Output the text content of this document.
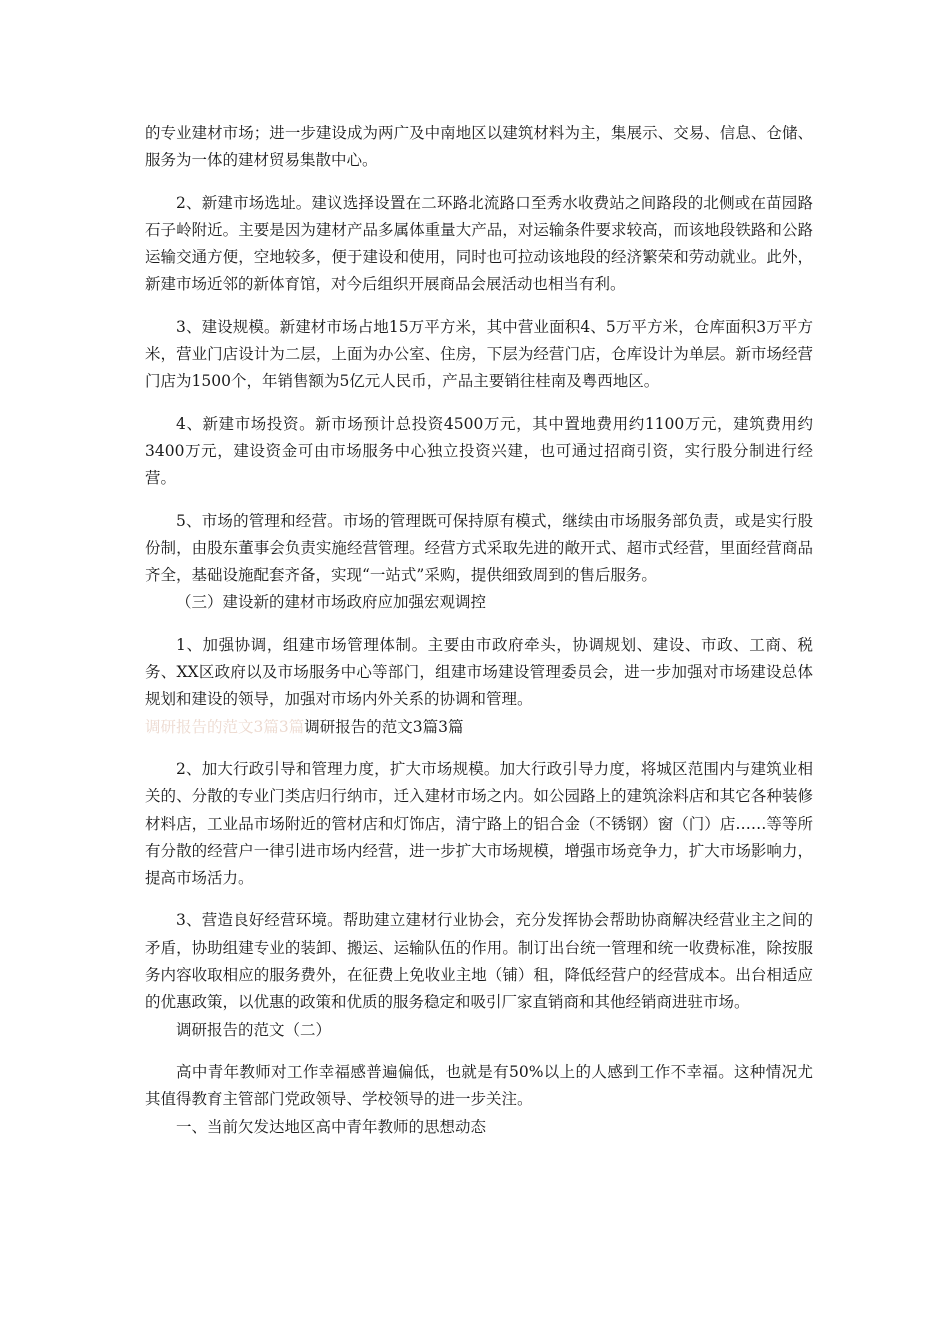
的专业建材市场；进一步建设成为两广及中南地区以建筑材料为主，集展示、交易、信息、仓储、服务为一体的建材贸易集散中心。

2、新建市场选址。建议选择设置在二环路北流路口至秀水收费站之间路段的北侧或在苗园路石子岭附近。主要是因为建材产品多属体重量大产品，对运输条件要求较高，而该地段铁路和公路运输交通方便，空地较多，便于建设和使用，同时也可拉动该地段的经济繁荣和劳动就业。此外，新建市场近邻的新体育馆，对今后组织开展商品会展活动也相当有利。

3、建设规模。新建材市场占地15万平方米，其中营业面积4、5万平方米，仓库面积3万平方米，营业门店设计为二层，上面为办公室、住房，下层为经营门店，仓库设计为单层。新市场经营门店为1500个，年销售额为5亿元人民币，产品主要销往桂南及粤西地区。

4、新建市场投资。新市场预计总投资4500万元，其中置地费用约1100万元，建筑费用约3400万元，建设资金可由市场服务中心独立投资兴建，也可通过招商引资，实行股分制进行经营。

5、市场的管理和经营。市场的管理既可保持原有模式，继续由市场服务部负责，或是实行股份制，由股东董事会负责实施经营管理。经营方式采取先进的敞开式、超市式经营，里面经营商品齐全，基础设施配套齐备，实现“一站式”采购，提供细致周到的售后服务。

（三）建设新的建材市场政府应加强宏观调控

1、加强协调，组建市场管理体制。主要由市政府牵头，协调规划、建设、市政、工商、税务、XX区政府以及市场服务中心等部门，组建市场建设管理委员会，进一步加强对市场建设总体规划和建设的领导，加强对市场内外关系的协调和管理。

调研报告的范文3篇3篇调研报告的范文3篇3篇

2、加大行政引导和管理力度，扩大市场规模。加大行政引导力度，将城区范围内与建筑业相关的、分散的专业门类店归行纳市，迁入建材市场之内。如公园路上的建筑涂料店和其它各种装修材料店，工业品市场附近的管材店和灯饰店，清宁路上的铝合金（不锈钢）窗（门）店……等等所有分散的经营户一律引进市场内经营，进一步扩大市场规模，增强市场竞争力，扩大市场影响力，提高市场活力。

3、营造良好经营环境。帮助建立建材行业协会，充分发挥协会帮助协商解决经营业主之间的矛盾，协助组建专业的装卸、搬运、运输队伍的作用。制订出台统一管理和统一收费标准，除按服务内容收取相应的服务费外，在征费上免收业主地（铺）租，降低经营户的经营成本。出台相适应的优惠政策，以优惠的政策和优质的服务稳定和吸引厂家直销商和其他经销商进驻市场。

调研报告的范文（二）

高中青年教师对工作幸福感普遍偏低，也就是有50%以上的人感到工作不幸福。这种情况尤其值得教育主管部门党政领导、学校领导的进一步关注。

一、当前欠发达地区高中青年教师的思想动态
